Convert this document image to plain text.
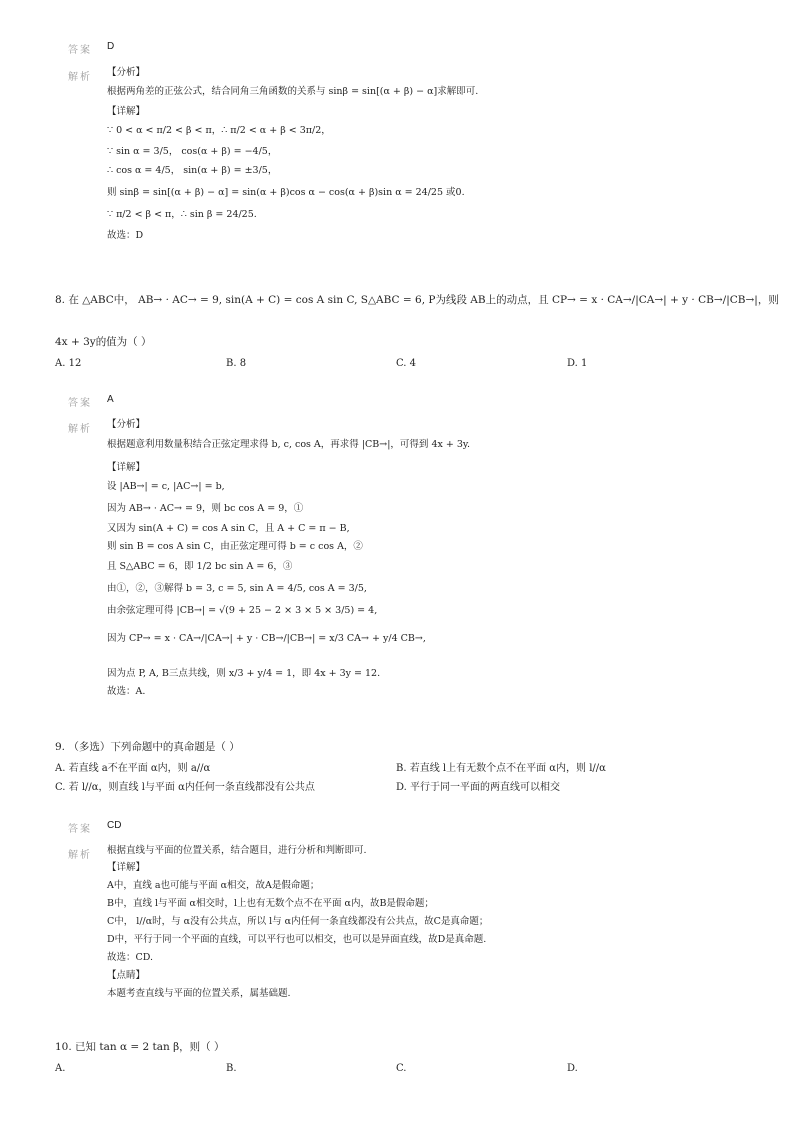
答案 D
解析 【分析】
根据两角差的正弦公式，结合同角三角函数的关系与 sinβ = sin[(α + β) − α]求解即可.
【详解】
∵ 0 < α < π/2 < β < π，∴ π/2 < α + β < 3π/2，
∵ sin α = 3/5， cos(α + β) = −4/5，
∴ cos α = 4/5， sin(α + β) = ±3/5，
则 sinβ = sin[(α + β) − α] = sin(α + β)cos α − cos(α + β)sin α = 24/25 或0.
∵ π/2 < β < π，∴ sin β = 24/25.
故选：D
8. 在 △ABC中， AB→ · AC→ = 9, sin(A + C) = cos A sin C, S△ABC = 6, P为线段 AB上的动点，且 CP→ = x · CA→/|CA→| + y · CB→/|CB→|，则
4x + 3y的值为（ ）
A. 12	B. 8	C. 4	D. 1
答案 A
解析 【分析】
根据题意利用数量积结合正弦定理求得 b, c, cos A，再求得 |CB→|，可得到 4x + 3y.
【详解】
设 |AB→| = c, |AC→| = b,
因为 AB→ · AC→ = 9，则 bc cos A = 9，①
又因为 sin(A + C) = cos A sin C，且 A + C = π − B,
则 sin B = cos A sin C，由正弦定理可得 b = c cos A，②
且 S△ABC = 6，即 1/2 bc sin A = 6，③
由①，②，③解得 b = 3, c = 5, sin A = 4/5, cos A = 3/5,
由余弦定理可得 |CB→| = √(9 + 25 − 2 × 3 × 5 × 3/5) = 4,
因为 CP→ = x · CA→/|CA→| + y · CB→/|CB→| = x/3 CA→ + y/4 CB→,
因为点 P, A, B三点共线，则 x/3 + y/4 = 1，即 4x + 3y = 12.
故选：A.
9. （多选）下列命题中的真命题是（ ）
A. 若直线 a不在平面 α内，则 a//α	B. 若直线 l上有无数个点不在平面 α内，则 l//α
C. 若 l//α，则直线 l与平面 α内任何一条直线都没有公共点	D. 平行于同一平面的两直线可以相交
答案 CD
解析 根据直线与平面的位置关系，结合题目，进行分析和判断即可.
【详解】
A中，直线 a也可能与平面 α相交，故A是假命题；
B中，直线 l与平面 α相交时，l上也有无数个点不在平面 α内，故B是假命题；
C中， l//α时，与 α没有公共点，所以 l与 α内任何一条直线都没有公共点，故C是真命题；
D中，平行于同一个平面的直线，可以平行也可以相交，也可以是异面直线，故D是真命题.
故选：CD.
【点睛】
本题考查直线与平面的位置关系，属基础题.
10. 已知 tan α = 2 tan β，则（ ）
A.	B.	C.	D.
